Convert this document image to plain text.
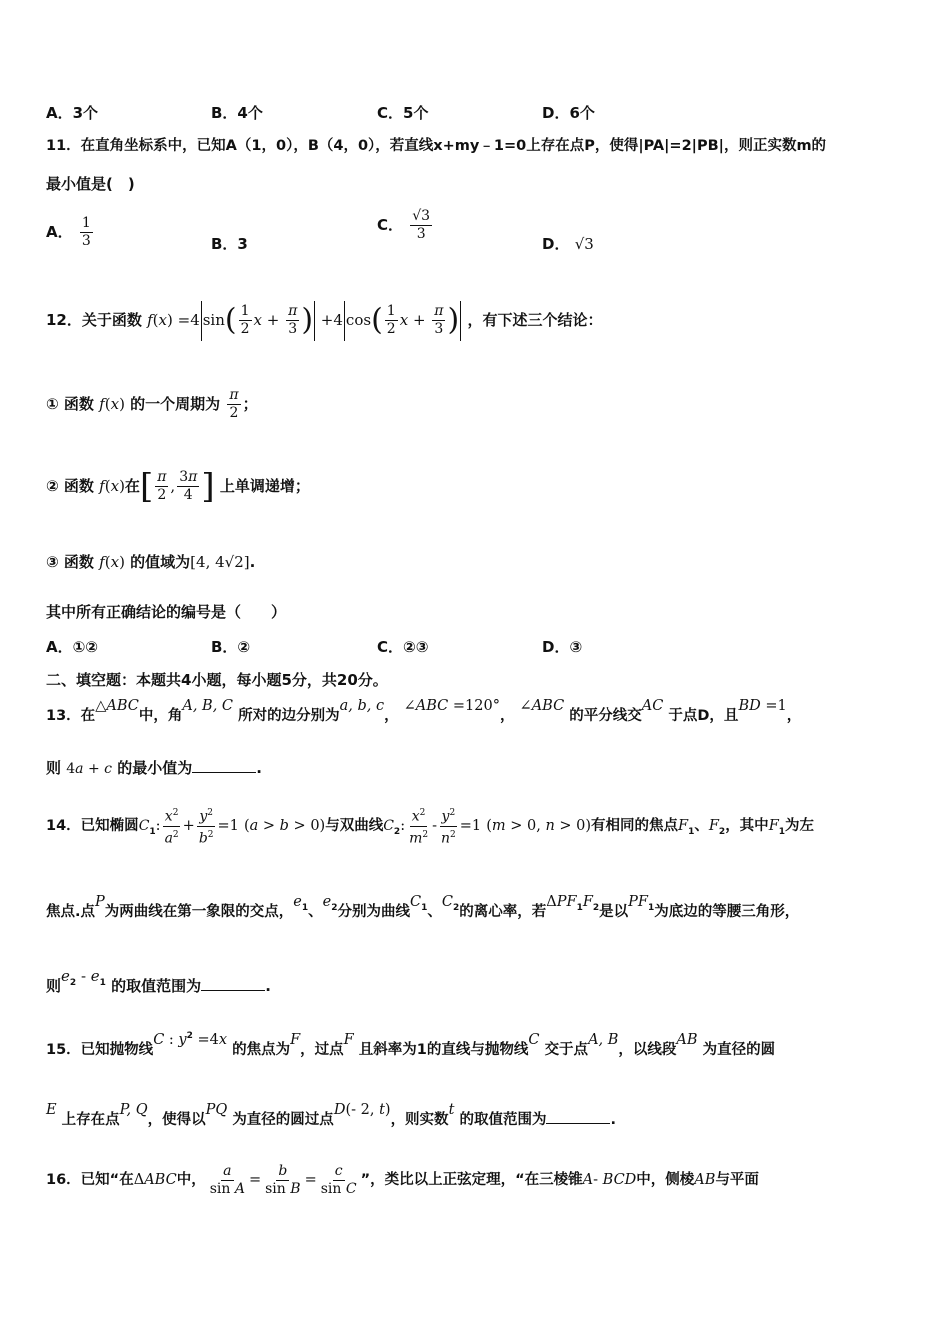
A．3个	B．4个	C．5个	D．6个
11．在直角坐标系中，已知A（1，0），B（4，0），若直线x+my﹣1=0上存在点P，使得|PA|=2|PB|，则正实数m的
最小值是(　)
A． $\frac{1}{3}$	B．3
C． $\frac{√3}{3}$
D． √3
12．关于函数 f(x) =4 $\sin( \frac{1}{2}$ $x + \frac{\pi}{3}$ ) +4 $\cos( \frac{1}{2}$ $x + \frac{\pi}{3}$ ) ，有下述三个结论：
① 函数 f(x) 的一个周期为 $\frac{\pi}{2}$ ；
② 函数 f(x)在[ $\frac{\pi}{2}$ , $\frac{3\pi}{4}$ ] 上单调递增；
③ 函数 f(x) 的值域为[4, 4√2].
其中所有正确结论的编号是（　　）
A．①②	B．②	C．②③	D．③
二、填空题：本题共4小题，每小题5分，共20分。
13．在△ABC中，角A, B, C 所对的边分别为a, b, c， ∠ABC =120°， ∠ABC 的平分线交AC 于点D，且BD =1，
则 4a + c 的最小值为	.
14．已知椭圆$C_1$: $\frac{x^2}{a^2} + \frac{y^2}{b^2} =1$ (a > b > 0)与双曲线$C_2$: $\frac{x^2}{m^2} - \frac{y^2}{n^2} =1$ (m > 0, n > 0)有相同的焦点$F_1$、$F_2$，其中$F_1$为左
焦点.点P为两曲线在第一象限的交点，$e_1$、$e_2$分别为曲线$C_1$、$C_2$的离心率，若$\Delta PF_1F_2$是以$PF_1$为底边的等腰三角形，
则$e_2 - e_1$ 的取值范围为	.
15．已知抛物线C : $y^2 =4x$ 的焦点为F，过点F 且斜率为1的直线与抛物线C 交于点A, B，以线段AB 为直径的圆
E 上存在点P, Q，使得以PQ 为直径的圆过点D(- 2, t)，则实数t 的取值范围为	.
16．已知“在ΔABC中， $\frac{a}{\text{sin A}} = \frac{b}{\text{sin B}} = \frac{c}{\text{sin C}}$ ”，类比以上正弦定理，“在三棱锥A- BCD中，侧棱AB与平面
